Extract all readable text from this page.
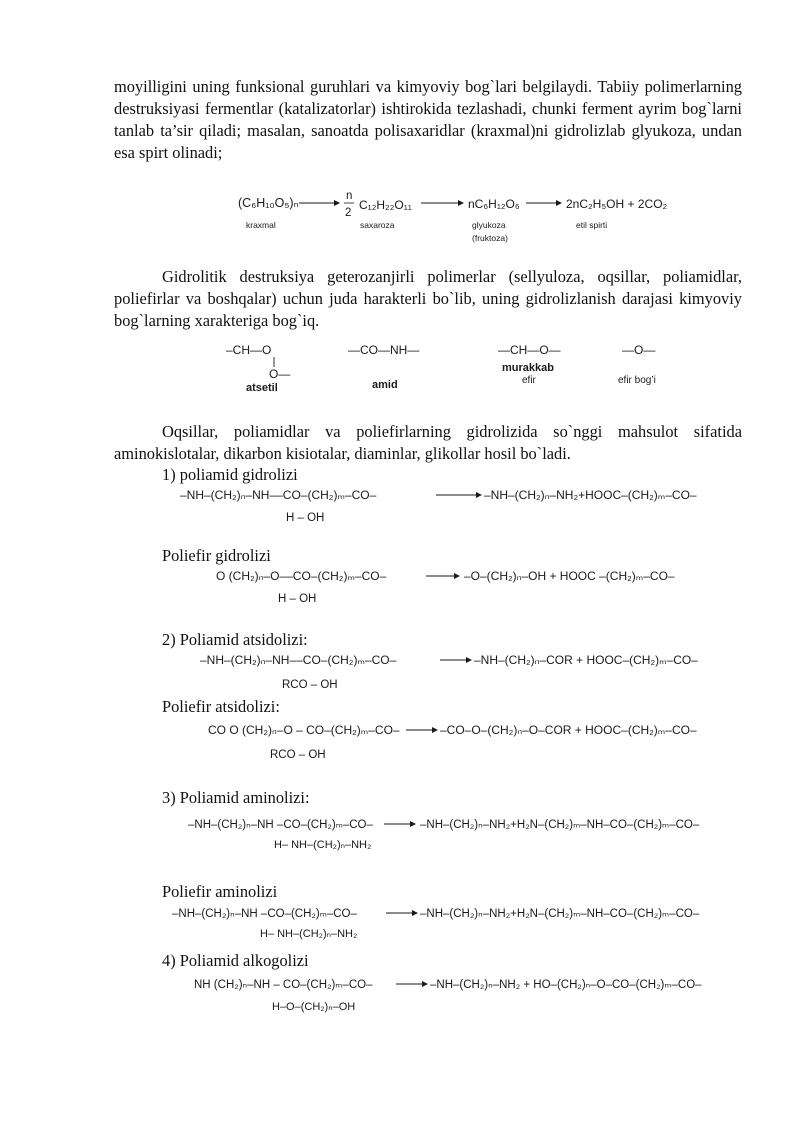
moyilligini uning funksional guruhlari va kimyoviy bog`lari belgilaydi. Tabiiy polimerlarning destruksiyasi fermentlar (katalizatorlar) ishtirokida tezlashadi, chunki ferment ayrim bog`larni tanlab ta’sir qiladi; masalan, sanoatda polisaxaridlar (kraxmal)ni gidrolizlab glyukoza, undan esa spirt olinadi;

(C₆H₁₀O₅)ₙ	n
2
C₁₂H₂₂O₁₁	nC₆H₁₂O₆	2nC₂H₅OH + 2CO₂
kraxmal	saxaroza	glyukoza
(fruktoza)
etil spirti

Gidrolitik destruksiya geterozanjirli polimerlar (sellyuloza, oqsillar, poliamidlar, poliefirlar va boshqalar) uchun juda harakterli bo`lib, uning gidrolizlanish darajasi kimyoviy bog`larning xarakteriga bog`iq.

–CH—O
O—
atsetil
—CO—NH—
amid
—CH—O—
murakkab
efir
—O—
efir bog’i

Oqsillar, poliamidlar va poliefirlarning gidrolizida so`nggi mahsulot sifatida aminokislotalar, dikarbon kisiotalar, diaminlar, glikollar hosil bo`ladi.

1) poliamid gidrolizi

–NH–(CH₂)ₙ–NH––CO–(CH₂)ₘ–CO–	–NH–(CH₂)ₙ–NH₂+HOOC–(CH₂)ₘ–CO–
H – OH

Poliefir gidrolizi

O (CH₂)ₙ–O––CO–(CH₂)ₘ–CO–	–O–(CH₂)ₙ–OH + HOOC –(CH₂)ₘ–CO–
H – OH

2) Poliamid atsidolizi:

–NH–(CH₂)ₙ–NH––CO–(CH₂)ₘ–CO–	–NH–(CH₂)ₙ–COR + HOOC–(CH₂)ₘ–CO–
RCO – OH

Poliefir atsidolizi:

CO O (CH₂)ₙ–O – CO–(CH₂)ₘ–CO–	–CO–O–(CH₂)ₙ–O–COR + HOOC–(CH₂)ₘ–CO–
RCO – OH

3) Poliamid aminolizi:

–NH–(CH₂)ₙ–NH –CO–(CH₂)ₘ–CO–	–NH–(CH₂)ₙ–NH₂+H₂N–(CH₂)ₘ–NH–CO–(CH₂)ₘ–CO–
H– NH–(CH₂)ₙ–NH₂

Poliefir aminolizi

–NH–(CH₂)ₙ–NH –CO–(CH₂)ₘ–CO–	–NH–(CH₂)ₙ–NH₂+H₂N–(CH₂)ₘ–NH–CO–(CH₂)ₘ–CO–
H– NH–(CH₂)ₙ–NH₂

4) Poliamid alkogolizi

NH (CH₂)ₙ–NH – CO–(CH₂)ₘ–CO–	–NH–(CH₂)ₙ–NH₂ + HO–(CH₂)ₙ–O–CO–(CH₂)ₘ–CO–
H–O–(CH₂)ₙ–OH
